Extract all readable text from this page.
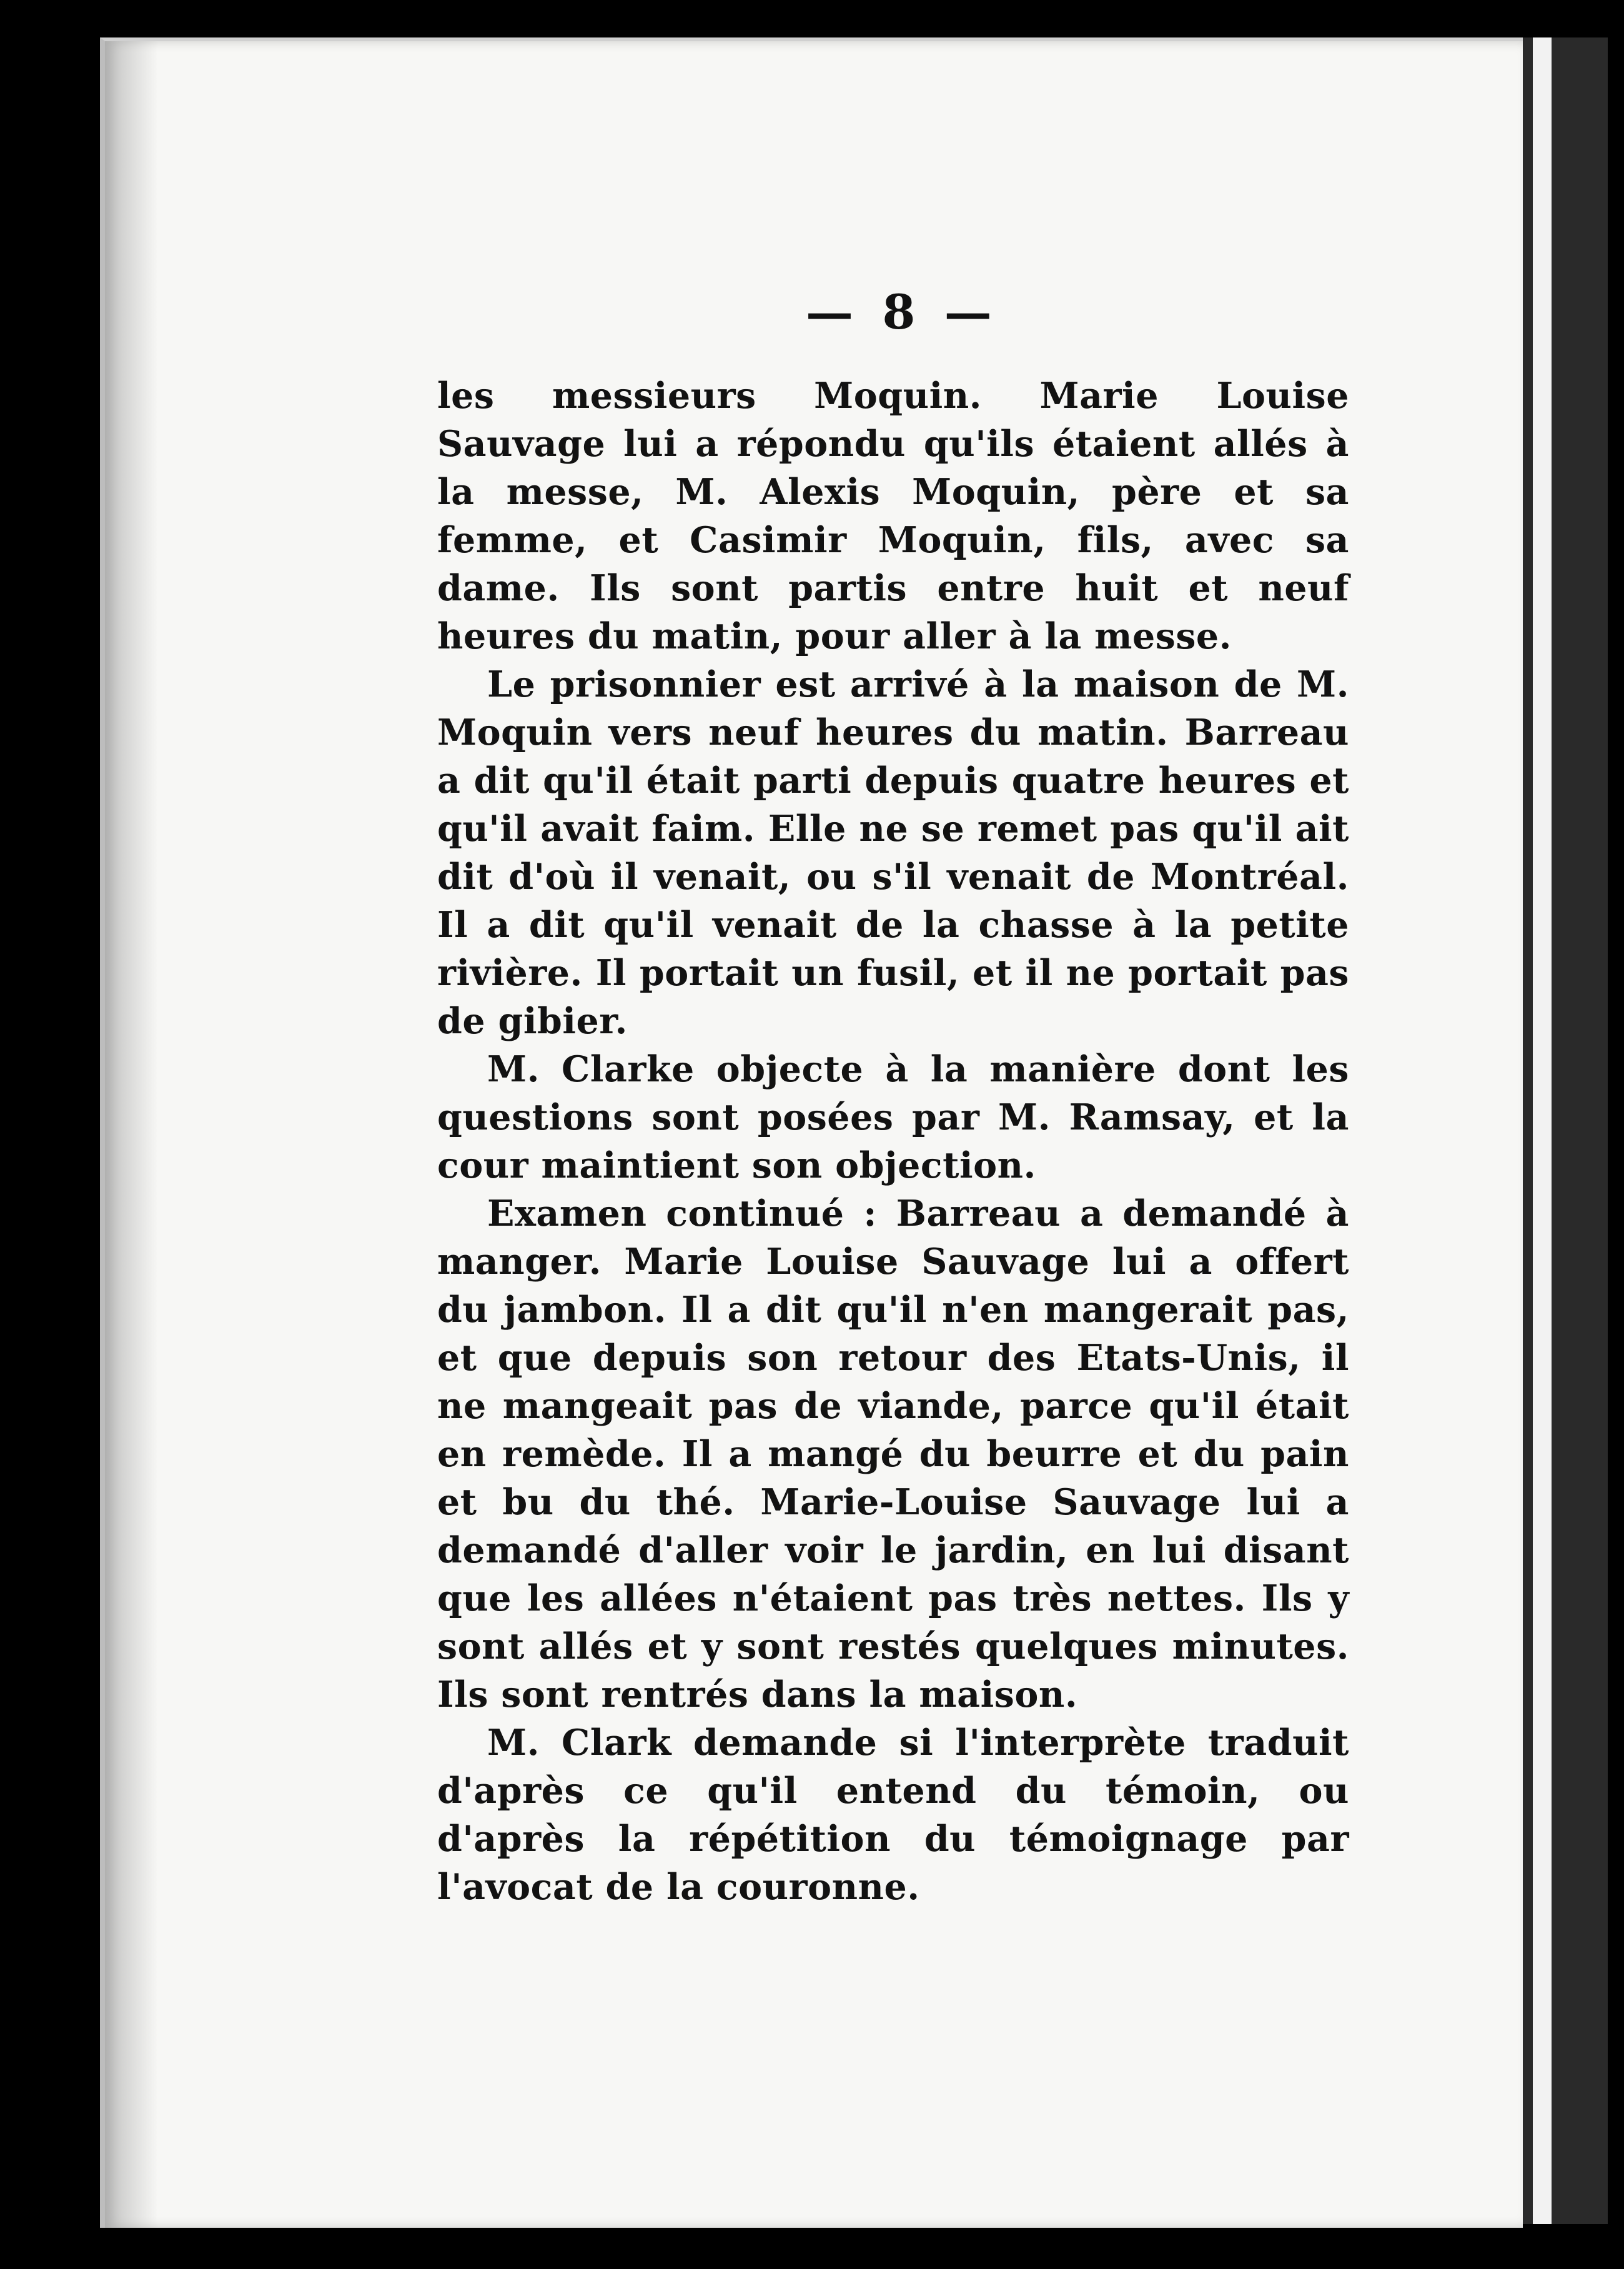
— 8 —

les messieurs Moquin. Marie Louise Sauvage lui a répondu qu'ils étaient allés à la messe, M. Alexis Moquin, père et sa femme, et Casimir Moquin, fils, avec sa dame. Ils sont partis entre huit et neuf heures du matin, pour aller à la messe.

Le prisonnier est arrivé à la maison de M. Moquin vers neuf heures du matin. Barreau a dit qu'il était parti depuis quatre heures et qu'il avait faim. Elle ne se remet pas qu'il ait dit d'où il venait, ou s'il venait de Montréal. Il a dit qu'il venait de la chasse à la petite rivière. Il portait un fusil, et il ne portait pas de gibier.

M. Clarke objecte à la manière dont les questions sont posées par M. Ramsay, et la cour maintient son objection.

Examen continué : Barreau a demandé à manger. Marie Louise Sauvage lui a offert du jambon. Il a dit qu'il n'en mangerait pas, et que depuis son retour des Etats-Unis, il ne mangeait pas de viande, parce qu'il était en remède. Il a mangé du beurre et du pain et bu du thé. Marie-Louise Sauvage lui a demandé d'aller voir le jardin, en lui disant que les allées n'étaient pas très nettes. Ils y sont allés et y sont restés quelques minutes. Ils sont rentrés dans la maison.

M. Clark demande si l'interprète traduit d'après ce qu'il entend du témoin, ou d'après la répétition du témoignage par l'avocat de la couronne.
